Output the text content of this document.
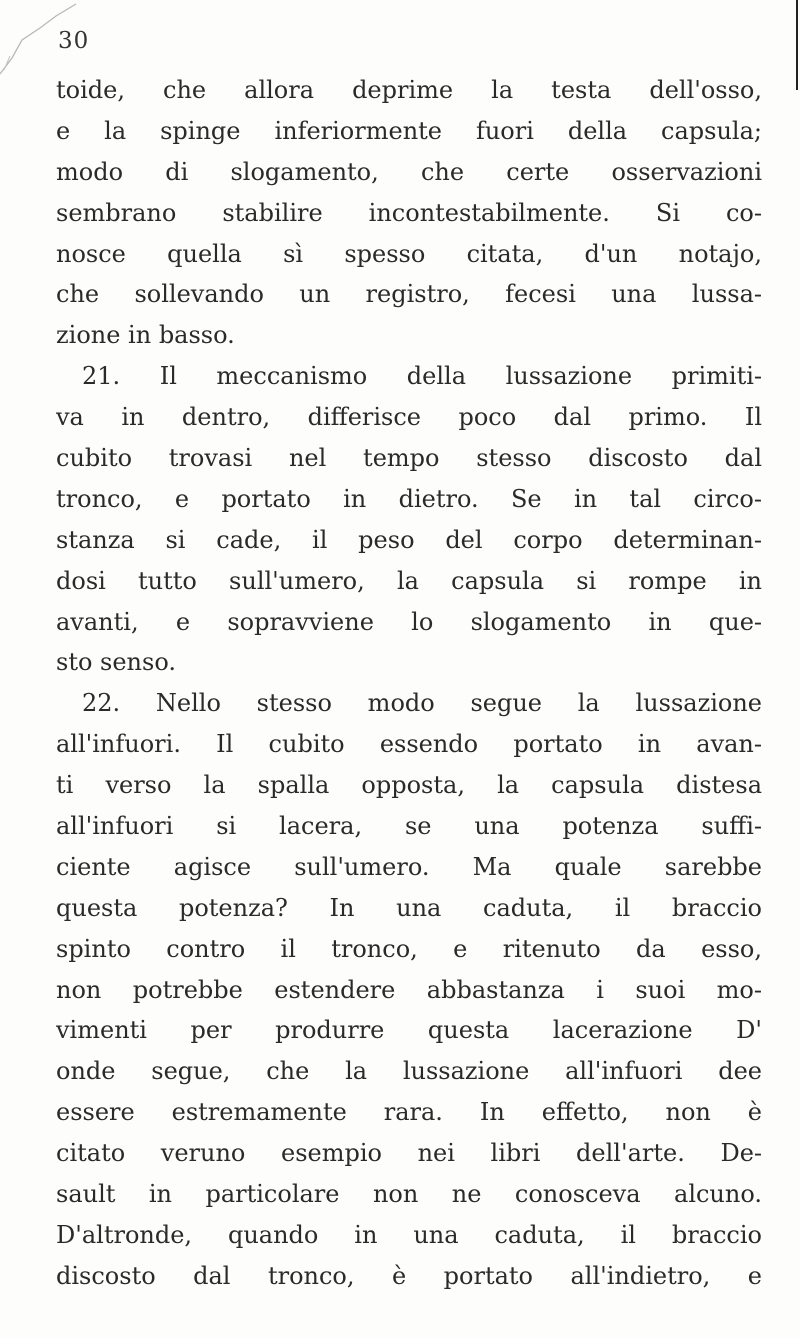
30
toide, che allora deprime la testa dell'osso,
e la spinge inferiormente fuori della capsula;
modo di slogamento, che certe osservazioni
sembrano stabilire incontestabilmente. Si co-
nosce quella sì spesso citata, d'un notajo,
che sollevando un registro, fecesi una lussa-
zione in basso.
21. Il meccanismo della lussazione primiti-
va in dentro, differisce poco dal primo. Il
cubito trovasi nel tempo stesso discosto dal
tronco, e portato in dietro. Se in tal circo-
stanza si cade, il peso del corpo determinan-
dosi tutto sull'umero, la capsula si rompe in
avanti, e sopravviene lo slogamento in que-
sto senso.
22. Nello stesso modo segue la lussazione
all'infuori. Il cubito essendo portato in avan-
ti verso la spalla opposta, la capsula distesa
all'infuori si lacera, se una potenza suffi-
ciente agisce sull'umero. Ma quale sarebbe
questa potenza? In una caduta, il braccio
spinto contro il tronco, e ritenuto da esso,
non potrebbe estendere abbastanza i suoi mo-
vimenti per produrre questa lacerazione D'
onde segue, che la lussazione all'infuori dee
essere estremamente rara. In effetto, non è
citato veruno esempio nei libri dell'arte. De-
sault in particolare non ne conosceva alcuno.
D'altronde, quando in una caduta, il braccio
discosto dal tronco, è portato all'indietro, e
